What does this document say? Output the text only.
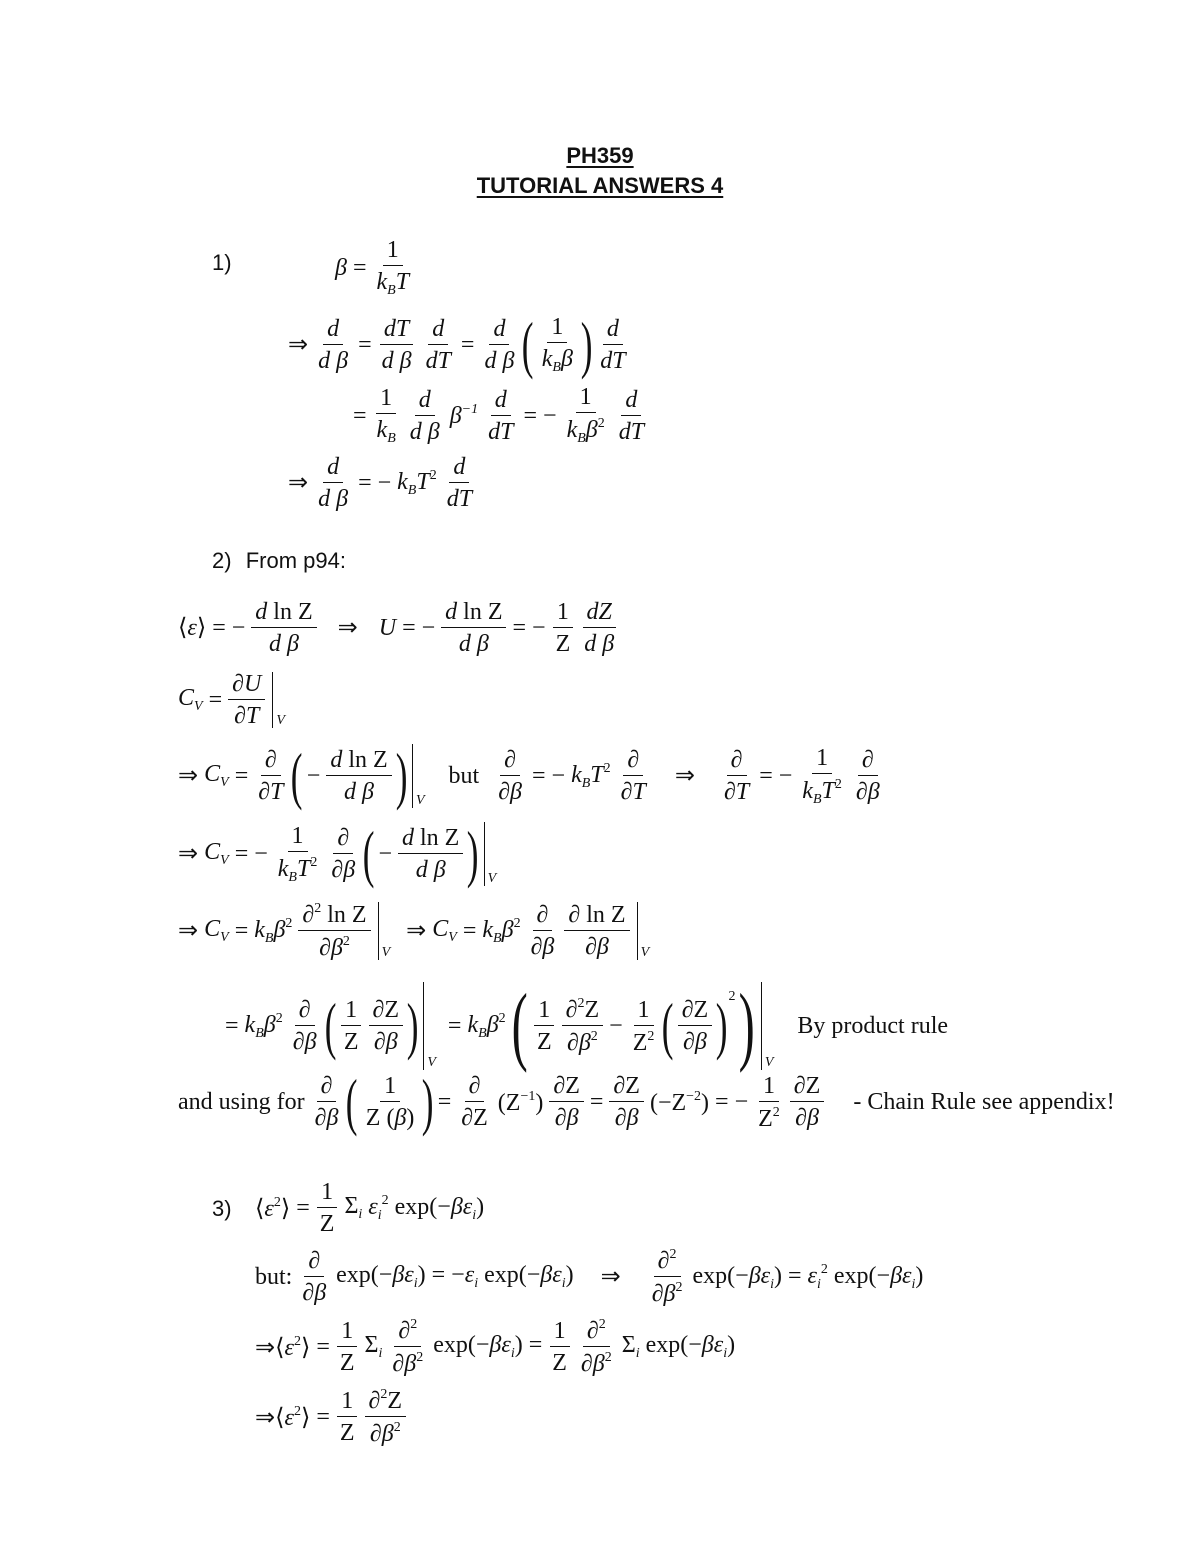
PH359
TUTORIAL ANSWERS 4
1)	$\beta = \frac{1}{k_BT}$
⇒ $\frac{d}{\text{d β}} = \frac{dT}{\text{d β}} \frac{d}{dT} = \frac{d}{\text{d β}}$ ( $\frac{1}{k_B\beta}$ ) $\frac{d}{dT}$
= $\frac{1}{k_B} \frac{d}{\text{d β}} \beta^{-1} \frac{d}{dT}$ = − $\frac{1}{k_B\beta^2} \frac{d}{dT}$
⇒ $\frac{d}{\text{d β}}$ = − $k_BT^2 \frac{d}{dT}$
2) From p94:
⟨ε⟩ = − $\frac{\text{d ln Z}}{\text{d β}}$ ⇒ U = − $\frac{\text{d ln Z}}{\text{d β}}$ = − $\frac{1}{Z} \frac{dZ}{\text{d β}}$
$C_V = \frac{\partial U}{\partial T}$ V
⇒ $C_V = \frac{\partial}{\partial T}$ ( − $\frac{\text{d ln Z}}{\text{d β}}$ ) V
but $\frac{\partial}{\partial\beta}$ = − $k_BT^2 \frac{\partial}{\partial T}$ ⇒ $\frac{\partial}{\partial T}$ = − $\frac{1}{k_BT^2} \frac{\partial}{\partial\beta}$
⇒ $C_V$ = − $\frac{1}{k_BT^2} \frac{\partial}{\partial\beta}$ ( − $\frac{\text{d ln Z}}{\text{d β}}$ ) V
⇒ $C_V = k_B\beta^2 \frac{\partial^2 \ln Z}{\partial\beta^2}$ V
⇒ $C_V = k_B\beta^2 \frac{\partial}{\partial\beta} \frac{\text{∂ ln Z}}{\partial\beta}$ V
= $k_B\beta^2 \frac{\partial}{\partial\beta}$ ( $\frac{1}{Z} \frac{\partial Z}{\partial\beta}$ )
V
= $k_B\beta^2$ ( $\frac{1}{Z} \frac{\partial^2Z}{\partial\beta^2} - \frac{1}{Z^2}$ ( $\frac{\partial Z}{\partial\beta}$ ) 2 ) V
By product rule
and using for $\frac{\partial}{\partial\beta}$ ( $\frac{1}{Z (\beta)}$ ) = $\frac{\partial}{\partial Z} (Z^{-1}) \frac{\partial Z}{\partial\beta} = \frac{\partial Z}{\partial\beta} (-Z^{-2})$ = − $\frac{1}{Z^2} \frac{\partial Z}{\partial\beta}$ - Chain Rule see appendix!
3) $⟨\varepsilon^2⟩ = \frac{1}{Z} \Sigma_i$ $\varepsilon_i^2$ $\exp(-\beta\varepsilon_i)$
but: $\frac{\partial}{\partial\beta} \exp(-\beta\varepsilon_i) = -\varepsilon_i$ $\exp(-\beta\varepsilon_i)$ ⇒ $\frac{\partial^2}{\partial\beta^2} \exp(-\beta\varepsilon_i) = \varepsilon_i^2$ $\exp(-\beta\varepsilon_i)$
$\Rightarrow⟨\varepsilon^2⟩ = \frac{1}{Z} \Sigma_i \frac{\partial^2}{\partial\beta^2} \exp(-\beta\varepsilon_i) = \frac{1}{Z} \frac{\partial^2}{\partial\beta^2} \Sigma_i$ $\exp(-\beta\varepsilon_i)$
$\Rightarrow⟨\varepsilon^2⟩ = \frac{1}{Z} \frac{\partial^2Z}{\partial\beta^2}$
